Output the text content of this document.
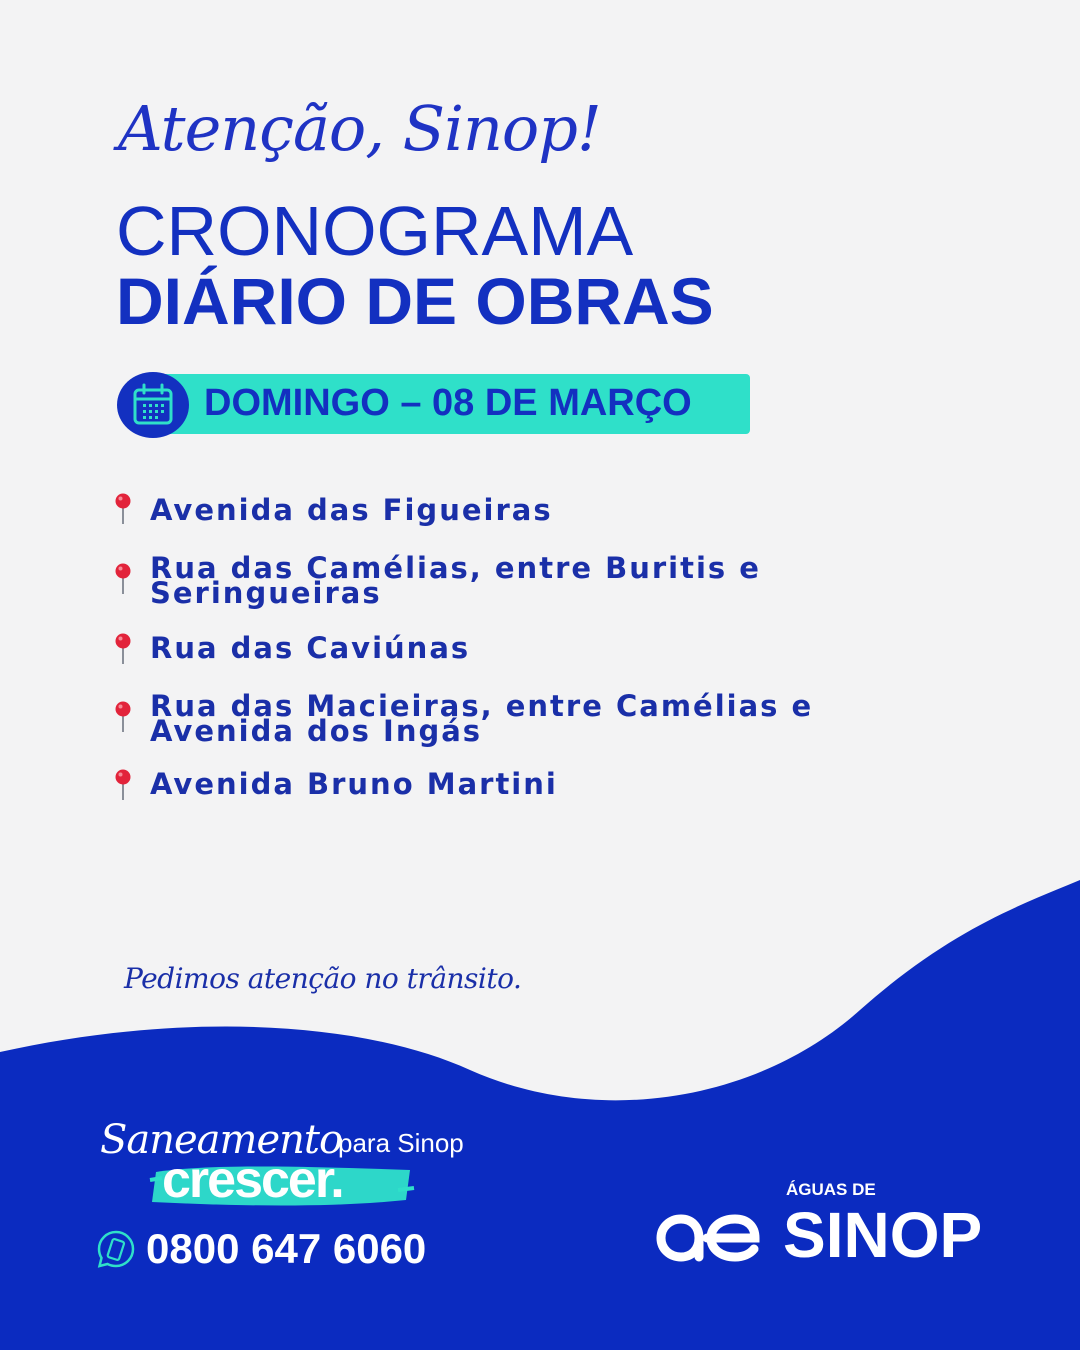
Atenção, Sinop!
CRONOGRAMA
DIÁRIO DE OBRAS
DOMINGO – 08 DE MARÇO
Avenida das Figueiras
Rua das Camélias, entre Buritis e
Seringueiras
Rua das Caviúnas
Rua das Macieiras, entre Camélias e
Avenida dos Ingás
Avenida Bruno Martini

Pedimos atenção no trânsito.

Saneamento
para Sinop
crescer.
0800 647 6060
ÁGUAS DE
SINOP
